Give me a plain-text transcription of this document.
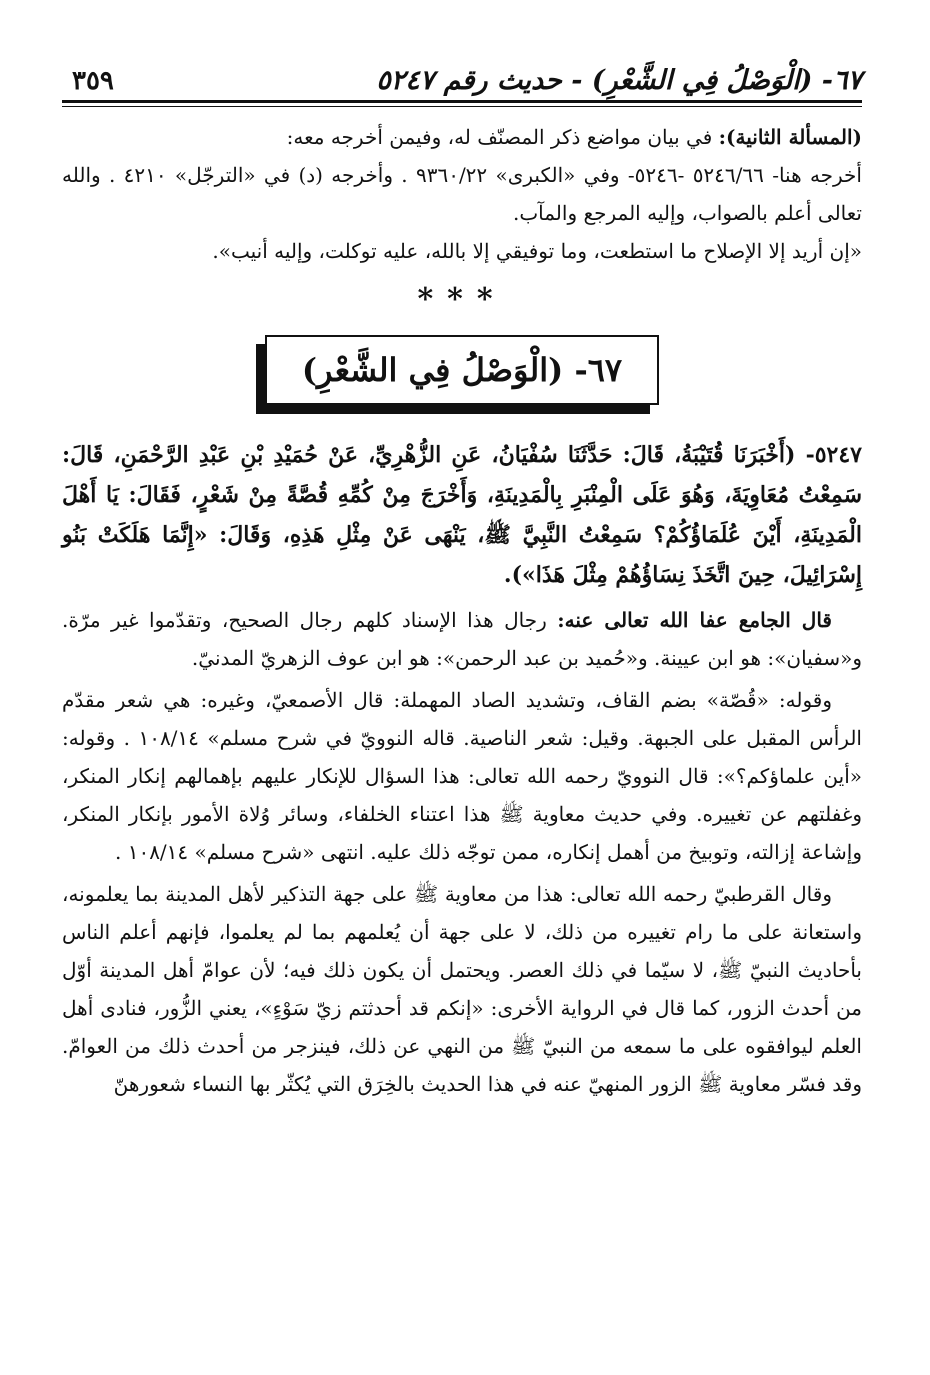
٦٧- (الْوَصْلُ فِي الشَّعْرِ) - حديث رقم ٥٢٤٧
٣٥٩

(المسألة الثانية): في بيان مواضع ذكر المصنّف له، وفيمن أخرجه معه:

أخرجه هنا- ٥٢٤٦/٦٦ -٥٢٤٦- وفي «الكبرى» ٩٣٦٠/٢٢ . وأخرجه (د) في «الترجّل» ٤٢١٠ . والله تعالى أعلم بالصواب، وإليه المرجع والمآب.

«إن أريد إلا الإصلاح ما استطعت، وما توفيقي إلا بالله، عليه توكلت، وإليه أنيب».

***
٦٧- (الْوَصْلُ فِي الشَّعْرِ)
٥٢٤٧- (أَخْبَرَنَا قُتَيْبَةُ، قَالَ: حَدَّثَنَا سُفْيَانُ، عَنِ الزُّهْرِيِّ، عَنْ حُمَيْدِ بْنِ عَبْدِ الرَّحْمَنِ، قَالَ: سَمِعْتُ مُعَاوِيَةَ، وَهُوَ عَلَى الْمِنْبَرِ بِالْمَدِينَةِ، وَأَخْرَجَ مِنْ كُمِّهِ قُصَّةً مِنْ شَعْرٍ، فَقَالَ: يَا أَهْلَ الْمَدِينَةِ، أَيْنَ عُلَمَاؤُكُمْ؟ سَمِعْتُ النَّبِيَّ ﷺ، يَنْهَى عَنْ مِثْلِ هَذِهِ، وَقَالَ: «إِنَّمَا هَلَكَتْ بَنُو إِسْرَائِيلَ، حِينَ اتَّخَذَ نِسَاؤُهُمْ مِثْلَ هَذَا»).

قال الجامع عفا الله تعالى عنه: رجال هذا الإسناد كلهم رجال الصحيح، وتقدّموا غير مرّة. و«سفيان»: هو ابن عيينة. و«حُميد بن عبد الرحمن»: هو ابن عوف الزهريّ المدنيّ.

وقوله: «قُصّة» بضم القاف، وتشديد الصاد المهملة: قال الأصمعيّ، وغيره: هي شعر مقدّم الرأس المقبل على الجبهة. وقيل: شعر الناصية. قاله النوويّ في شرح مسلم» ١٠٨/١٤ . وقوله: «أين علماؤكم؟»: قال النوويّ رحمه الله تعالى: هذا السؤال للإنكار عليهم بإهمالهم إنكار المنكر، وغفلتهم عن تغييره. وفي حديث معاوية ﷺ هذا اعتناء الخلفاء، وسائر وُلاة الأمور بإنكار المنكر، وإشاعة إزالته، وتوبيخ من أهمل إنكاره، ممن توجّه ذلك عليه. انتهى «شرح مسلم» ١٠٨/١٤ .

وقال القرطبيّ رحمه الله تعالى: هذا من معاوية ﷺ على جهة التذكير لأهل المدينة بما يعلمونه، واستعانة على ما رام تغييره من ذلك، لا على جهة أن يُعلمهم بما لم يعلموا، فإنهم أعلم الناس بأحاديث النبيّ ﷺ، لا سيّما في ذلك العصر. ويحتمل أن يكون ذلك فيه؛ لأن عوامّ أهل المدينة أوّل من أحدث الزور، كما قال في الرواية الأخرى: «إنكم قد أحدثتم زيّ سَوْءٍ»، يعني الزُّور، فنادى أهل العلم ليوافقوه على ما سمعه من النبيّ ﷺ من النهي عن ذلك، فينزجر من أحدث ذلك من العوامّ. وقد فسّر معاوية ﷺ الزور المنهيّ عنه في هذا الحديث بالخِرَق التي يُكثّر بها النساء شعورهنّ
